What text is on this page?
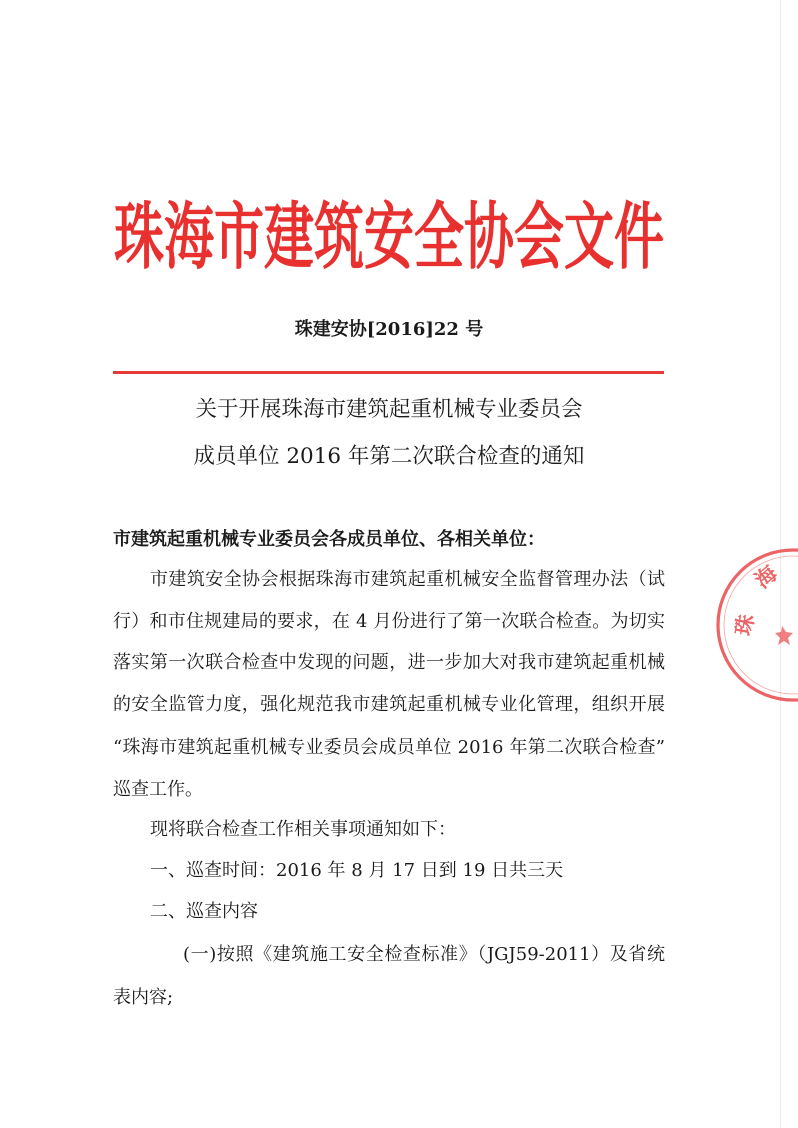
珠海市建筑安全协会文件
珠建安协[2016]22 号
关于开展珠海市建筑起重机械专业委员会
成员单位 2016 年第二次联合检查的通知
市建筑起重机械专业委员会各成员单位、各相关单位：
市建筑安全协会根据珠海市建筑起重机械安全监督管理办法（试
行）和市住规建局的要求，在 4 月份进行了第一次联合检查。为切实
落实第一次联合检查中发现的问题，进一步加大对我市建筑起重机械
的安全监管力度，强化规范我市建筑起重机械专业化管理，组织开展
“珠海市建筑起重机械专业委员会成员单位 2016 年第二次联合检查”
巡查工作。
现将联合检查工作相关事项通知如下：
一、巡查时间：2016 年 8 月 17 日到 19 日共三天
二、巡查内容
(一)按照《建筑施工安全检查标准》（JGJ59-2011）及省统
表内容;
珠
海
